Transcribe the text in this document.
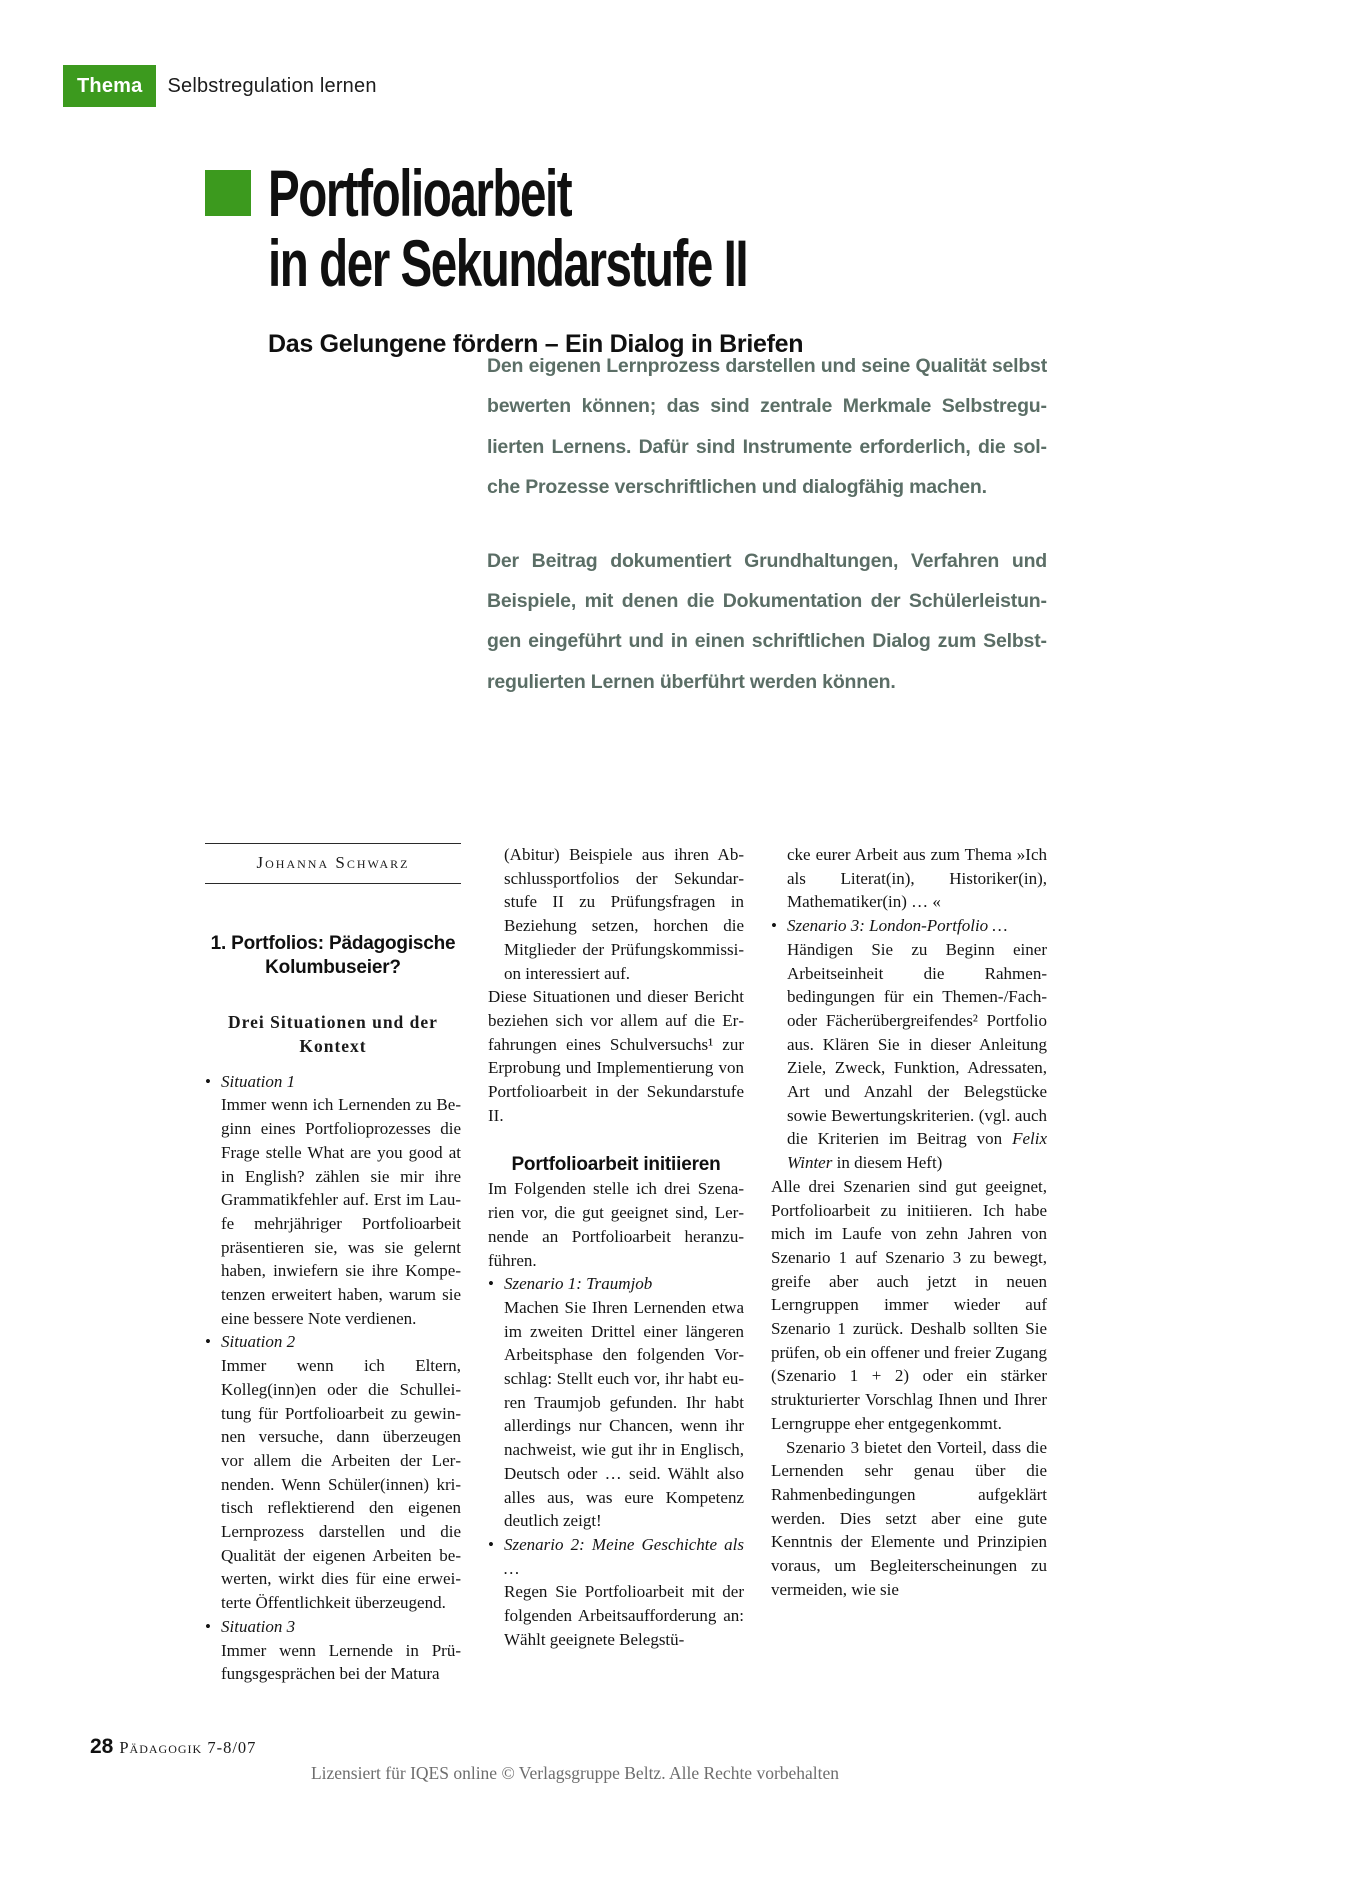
Thema	Selbstregulation lernen
Portfolioarbeit
in der Sekundarstufe II
Das Gelungene fördern – Ein Dialog in Briefen

Den eigenen Lernprozess darstellen und seine Qualität selbst bewerten können; das sind zentrale Merkmale Selbstregulierten Lernens. Dafür sind Instrumente erforderlich, die solche Prozesse verschriftlichen und dialogfähig machen.

Der Beitrag dokumentiert Grundhaltungen, Verfahren und Beispiele, mit denen die Dokumentation der Schülerleistungen eingeführt und in einen schriftlichen Dialog zum Selbstregulierten Lernen überführt werden können.

Johanna Schwarz
1. Portfolios: Pädagogische Kolumbuseier?
Drei Situationen und der Kontext
• Situation 1

Immer wenn ich Lernenden zu Beginn eines Portfolioprozesses die Frage stelle What are you good at in English? zählen sie mir ihre Grammatikfehler auf. Erst im Laufe mehrjähriger Portfolioarbeit präsentieren sie, was sie gelernt haben, inwiefern sie ihre Kompetenzen erweitert haben, warum sie eine bessere Note verdienen.

• Situation 2

Immer wenn ich Eltern, Kolleg(inn)en oder die Schulleitung für Portfolioarbeit zu gewinnen versuche, dann überzeugen vor allem die Arbeiten der Lernenden. Wenn Schüler(innen) kritisch reflektierend den eigenen Lernprozess darstellen und die Qualität der eigenen Arbeiten bewerten, wirkt dies für eine erweiterte Öffentlichkeit überzeugend.

• Situation 3

Immer wenn Lernende in Prüfungsgesprächen bei der Matura

(Abitur) Beispiele aus ihren Abschlussportfolios der Sekundarstufe II zu Prüfungsfragen in Beziehung setzen, horchen die Mitglieder der Prüfungskommission interessiert auf.

Diese Situationen und dieser Bericht beziehen sich vor allem auf die Erfahrungen eines Schulversuchs¹ zur Erprobung und Implementierung von Portfolioarbeit in der Sekundarstufe II.

Portfolioarbeit initiieren

Im Folgenden stelle ich drei Szenarien vor, die gut geeignet sind, Lernende an Portfolioarbeit heranzuführen.

• Szenario 1: Traumjob

Machen Sie Ihren Lernenden etwa im zweiten Drittel einer längeren Arbeitsphase den folgenden Vorschlag: Stellt euch vor, ihr habt euren Traumjob gefunden. Ihr habt allerdings nur Chancen, wenn ihr nachweist, wie gut ihr in Englisch, Deutsch oder … seid. Wählt also alles aus, was eure Kompetenz deutlich zeigt!

• Szenario 2: Meine Geschichte als …

Regen Sie Portfolioarbeit mit der folgenden Arbeitsaufforderung an: Wählt geeignete Belegstü-

cke eurer Arbeit aus zum Thema »Ich als Literat(in), Historiker(in), Mathematiker(in) … «

• Szenario 3: London-Portfolio …

Händigen Sie zu Beginn einer Arbeitseinheit die Rahmenbedingungen für ein Themen-/Fach- oder Fächerübergreifendes² Portfolio aus. Klären Sie in dieser Anleitung Ziele, Zweck, Funktion, Adressaten, Art und Anzahl der Belegstücke sowie Bewertungskriterien. (vgl. auch die Kriterien im Beitrag von Felix Winter in diesem Heft)

Alle drei Szenarien sind gut geeignet, Portfolioarbeit zu initiieren. Ich habe mich im Laufe von zehn Jahren von Szenario 1 auf Szenario 3 zu bewegt, greife aber auch jetzt in neuen Lerngruppen immer wieder auf Szenario 1 zurück. Deshalb sollten Sie prüfen, ob ein offener und freier Zugang (Szenario 1 + 2) oder ein stärker strukturierter Vorschlag Ihnen und Ihrer Lerngruppe eher entgegenkommt.

Szenario 3 bietet den Vorteil, dass die Lernenden sehr genau über die Rahmenbedingungen aufgeklärt werden. Dies setzt aber eine gute Kenntnis der Elemente und Prinzipien voraus, um Begleiterscheinungen zu vermeiden, wie sie

28 Pädagogik 7-8/07
Lizensiert für IQES online © Verlagsgruppe Beltz. Alle Rechte vorbehalten
